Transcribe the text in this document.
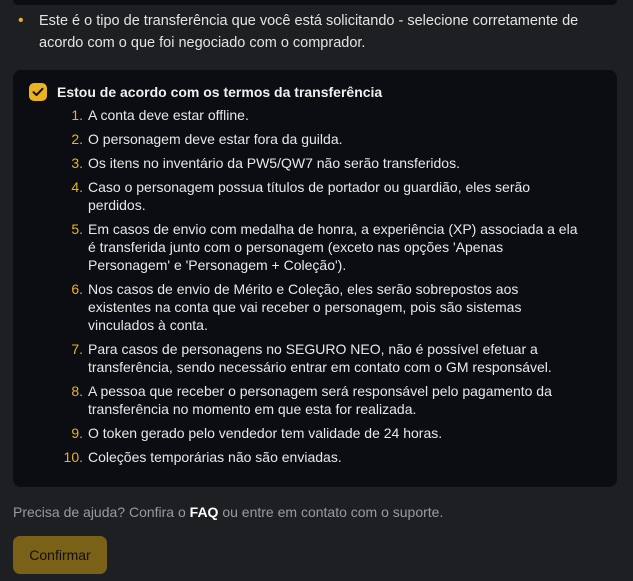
•	Este é o tipo de transferência que você está solicitando - selecione corretamente de acordo com o que foi negociado com o comprador.
Estou de acordo com os termos da transferência
1. A conta deve estar offline.
2. O personagem deve estar fora da guilda.
3. Os itens no inventário da PW5/QW7 não serão transferidos.
4. Caso o personagem possua títulos de portador ou guardião, eles serão perdidos.
5. Em casos de envio com medalha de honra, a experiência (XP) associada a ela é transferida junto com o personagem (exceto nas opções 'Apenas Personagem' e 'Personagem + Coleção').
6. Nos casos de envio de Mérito e Coleção, eles serão sobrepostos aos existentes na conta que vai receber o personagem, pois são sistemas vinculados à conta.
7. Para casos de personagens no SEGURO NEO, não é possível efetuar a transferência, sendo necessário entrar em contato com o GM responsável.
8. A pessoa que receber o personagem será responsável pelo pagamento da transferência no momento em que esta for realizada.
9. O token gerado pelo vendedor tem validade de 24 horas.
10. Coleções temporárias não são enviadas.
Precisa de ajuda? Confira o FAQ ou entre em contato com o suporte.
Confirmar
